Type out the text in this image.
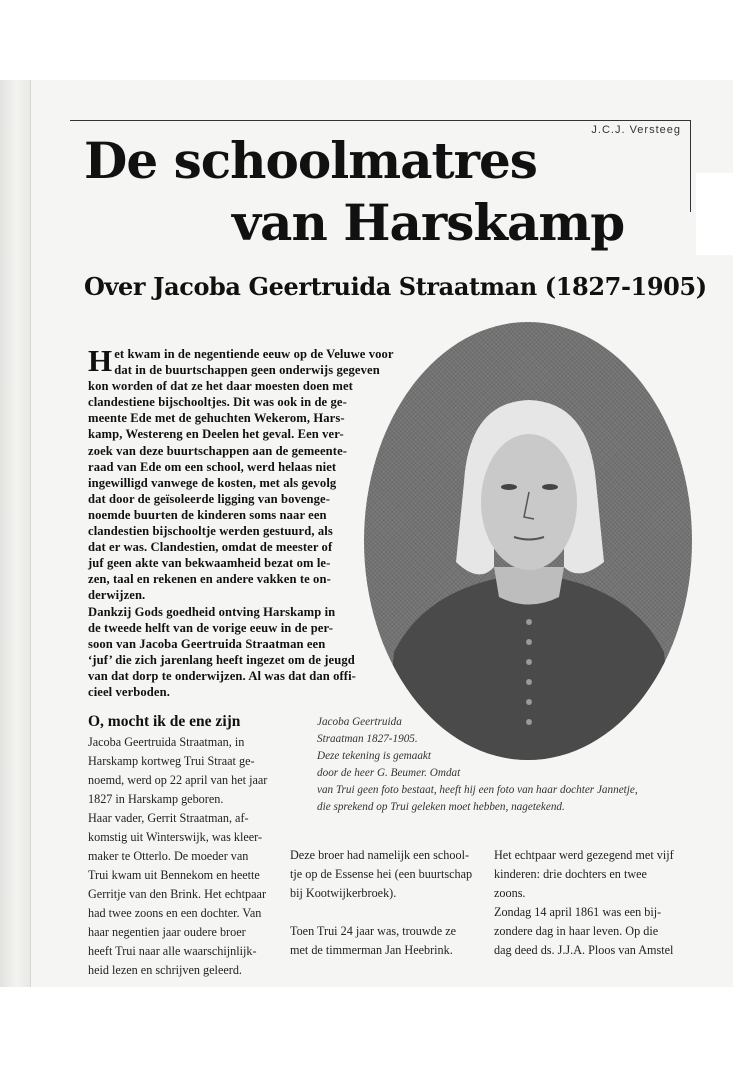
J.C.J. Versteeg
De schoolmatres
van Harskamp
Over Jacoba Geertruida Straatman (1827-1905)
H et kwam in de negentiende eeuw op de Veluwe voor

dat in de buurtschappen geen onderwijs gegeven

kon worden of dat ze het daar moesten doen met

clandestiene bijschooltjes. Dit was ook in de ge-

meente Ede met de gehuchten Wekerom, Hars-

kamp, Westereng en Deelen het geval. Een ver-

zoek van deze buurtschappen aan de gemeente-

raad van Ede om een school, werd helaas niet

ingewilligd vanwege de kosten, met als gevolg

dat door de geïsoleerde ligging van bovenge-

noemde buurten de kinderen soms naar een

clandestien bijschooltje werden gestuurd, als

dat er was. Clandestien, omdat de meester of

juf geen akte van bekwaamheid bezat om le-

zen, taal en rekenen en andere vakken te on-

derwijzen.

Dankzij Gods goedheid ontving Harskamp in

de tweede helft van de vorige eeuw in de per-

soon van Jacoba Geertruida Straatman een

‘juf’ die zich jarenlang heeft ingezet om de jeugd

van dat dorp te onderwijzen. Al was dat dan offi-

cieel verboden.

Jacoba Geertruida

Straatman 1827-1905.

Deze tekening is gemaakt

door de heer G. Beumer. Omdat

van Trui geen foto bestaat, heeft hij een foto van haar dochter Jannetje,

die sprekend op Trui geleken moet hebben, nagetekend.

O, mocht ik de ene zijn

Jacoba Geertruida Straatman, in

Harskamp kortweg Trui Straat ge-

noemd, werd op 22 april van het jaar

1827 in Harskamp geboren.

Haar vader, Gerrit Straatman, af-

komstig uit Winterswijk, was kleer-

maker te Otterlo. De moeder van

Trui kwam uit Bennekom en heette

Gerritje van den Brink. Het echtpaar

had twee zoons en een dochter. Van

haar negentien jaar oudere broer

heeft Trui naar alle waarschijnlijk-

heid lezen en schrijven geleerd.

Deze broer had namelijk een school-

tje op de Essense hei (een buurtschap

bij Kootwijkerbroek).

Toen Trui 24 jaar was, trouwde ze

met de timmerman Jan Heebrink.

Het echtpaar werd gezegend met vijf

kinderen: drie dochters en twee

zoons.

Zondag 14 april 1861 was een bij-

zondere dag in haar leven. Op die

dag deed ds. J.J.A. Ploos van Amstel
